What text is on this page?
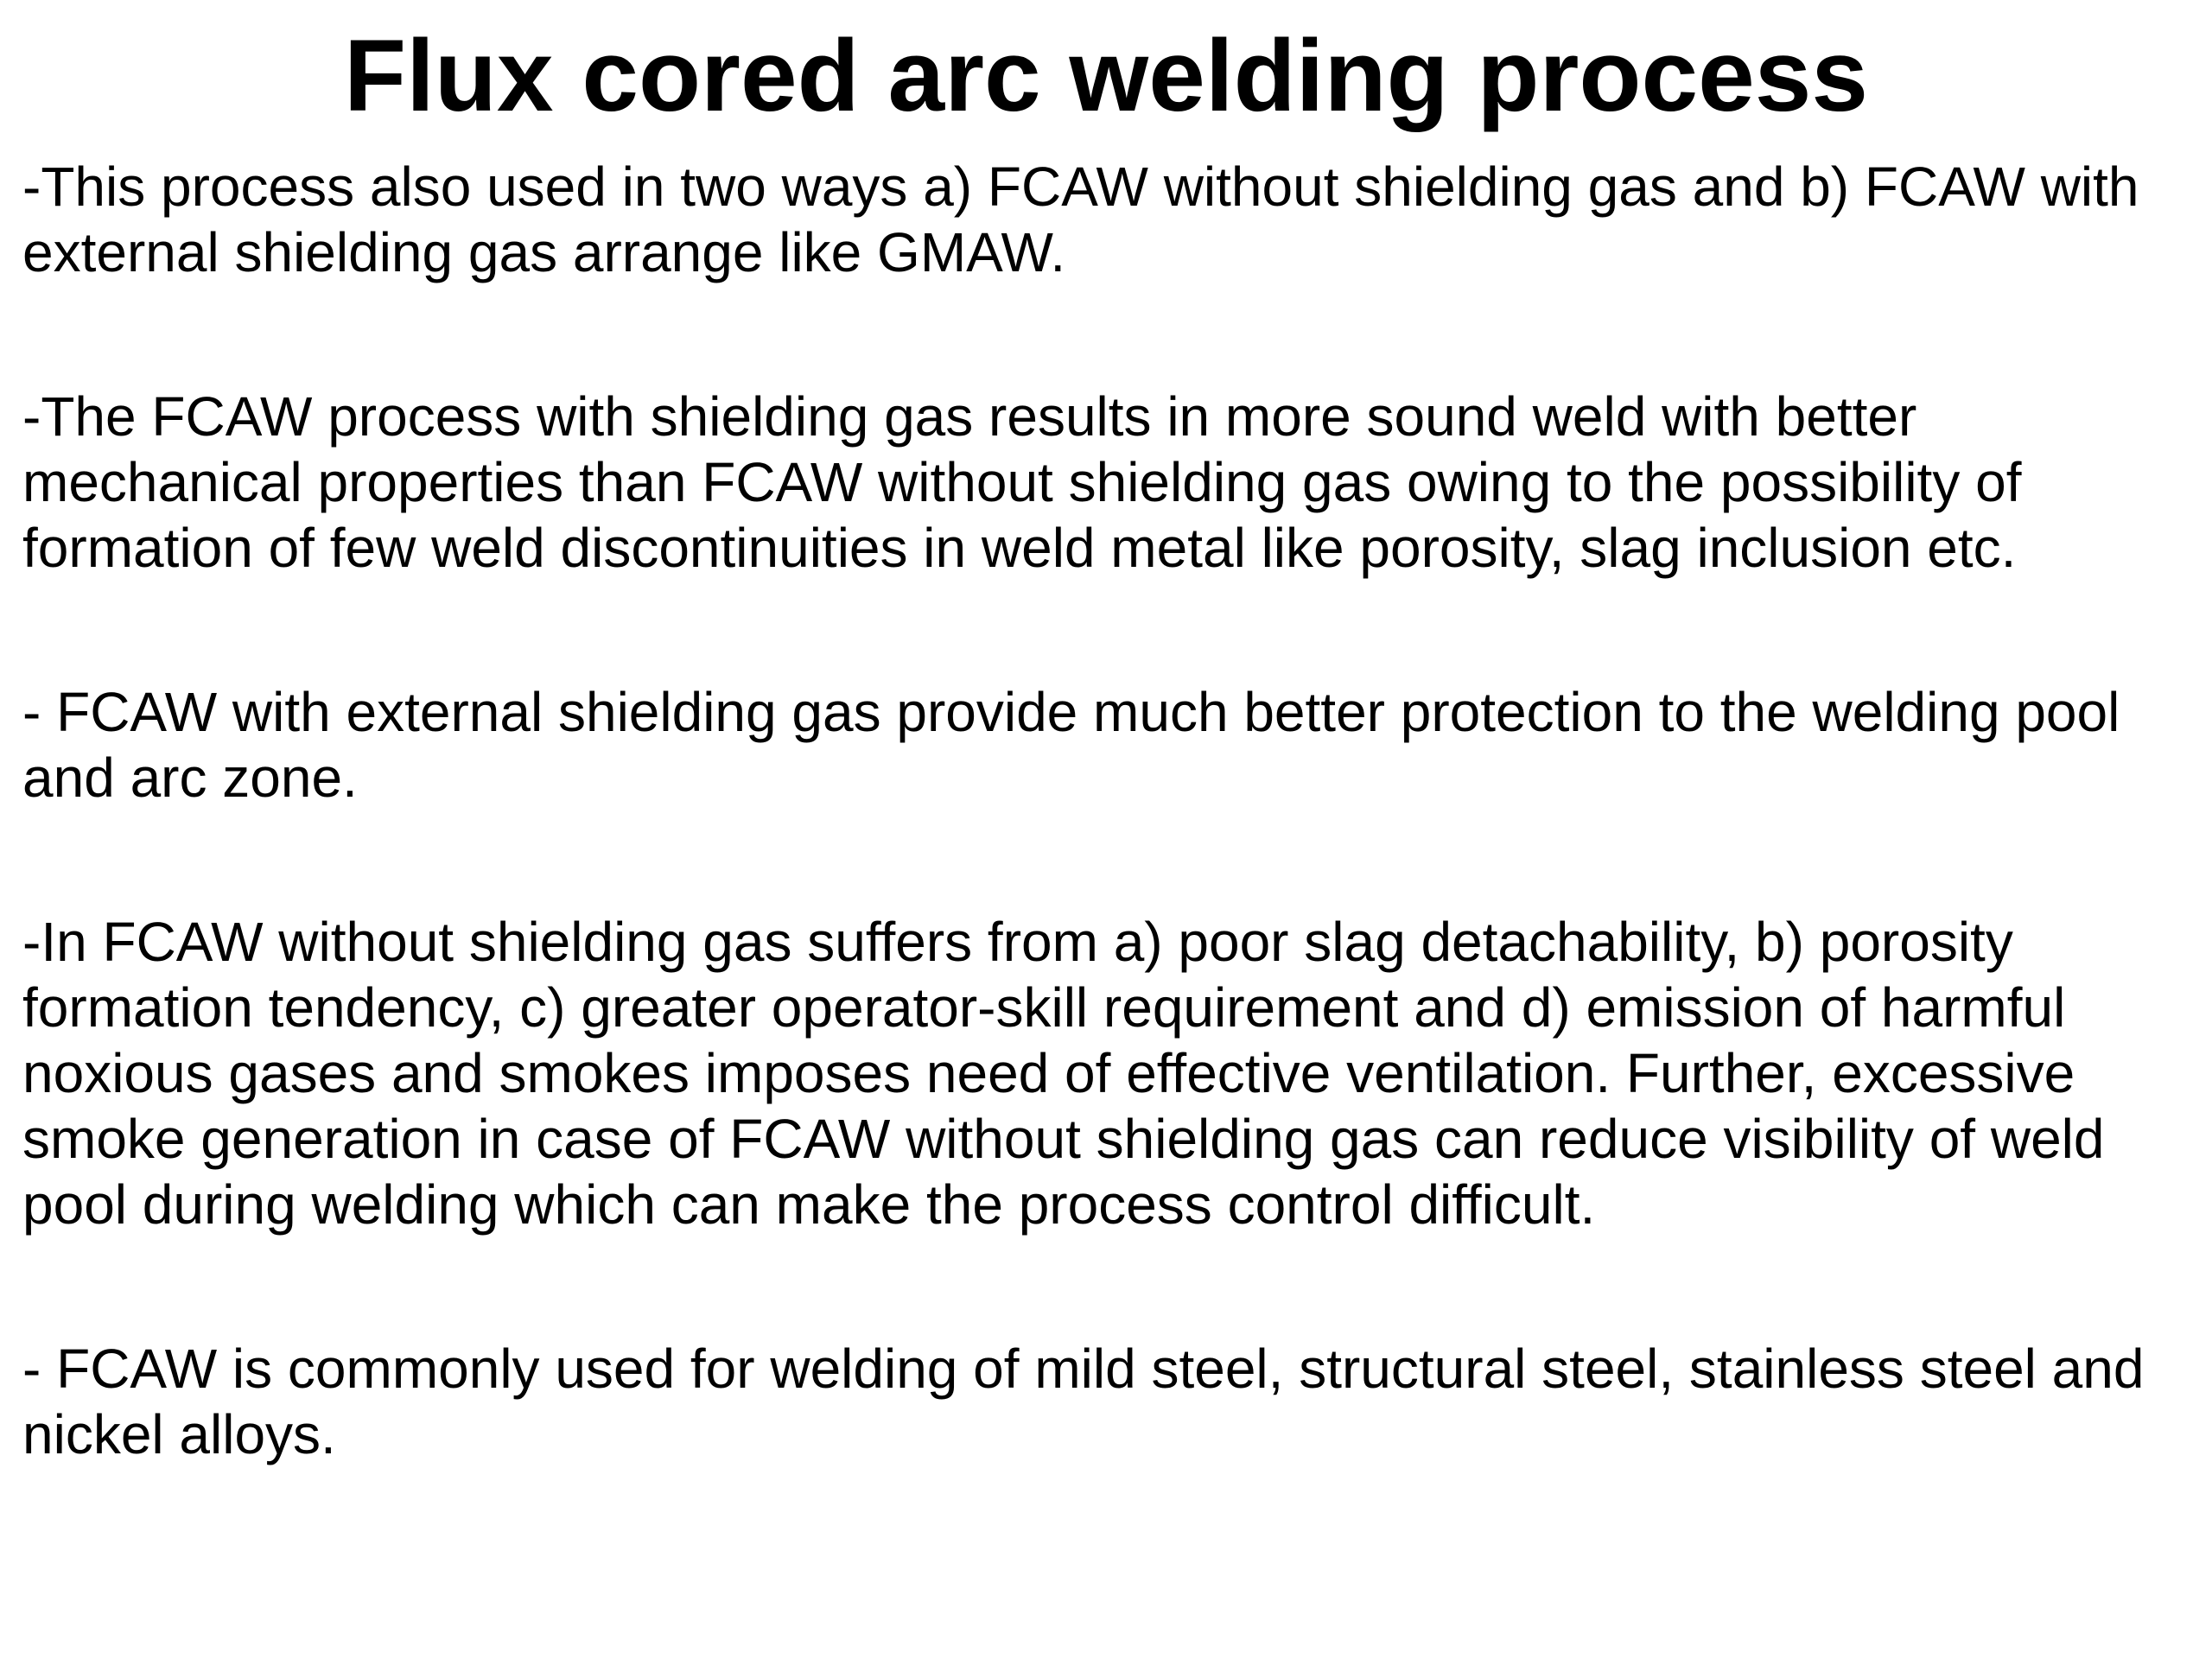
Flux cored arc welding process

-This process also used in two ways a) FCAW without shielding gas and b) FCAW with external shielding gas arrange like GMAW.

-The FCAW process with shielding gas results in more sound weld with better mechanical properties than FCAW without shielding gas owing to the possibility of formation of few weld discontinuities in weld metal like porosity, slag inclusion etc.

- FCAW with external shielding gas provide much better protection to the welding pool and arc zone.

-In FCAW without shielding gas suffers from a) poor slag detachability, b) porosity formation tendency, c) greater operator-skill requirement and d) emission of harmful noxious gases and smokes imposes need of effective ventilation. Further, excessive smoke generation in case of FCAW without shielding gas can reduce visibility of weld pool during welding which can make the process control difficult.

- FCAW is commonly used for welding of mild steel, structural steel, stainless steel and nickel alloys.
